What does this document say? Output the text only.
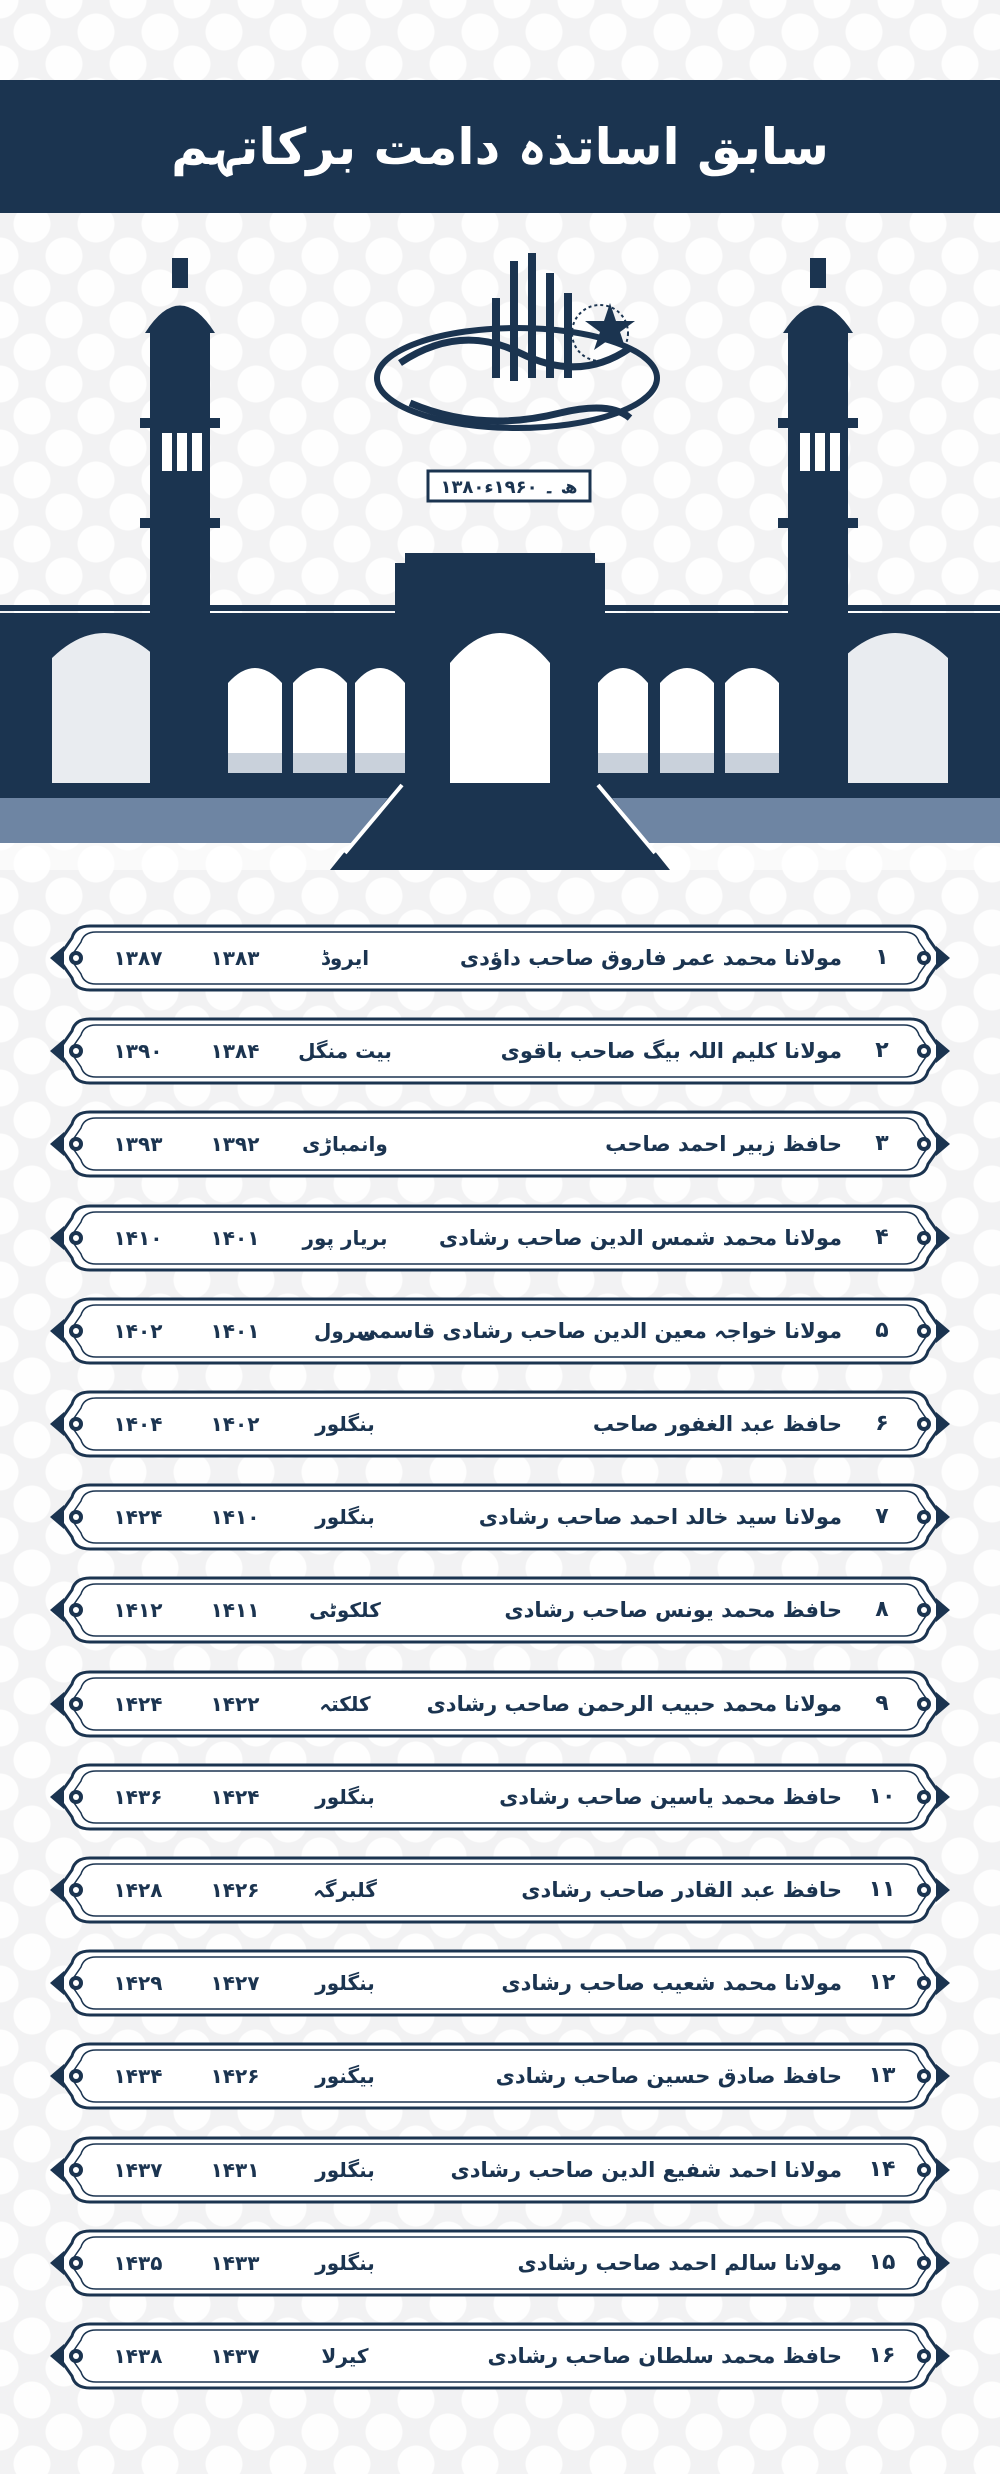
سابق اساتذہ دامت برکاتہم
۱۳۸۰ھ ۔ ۱۹۶۰ء
۱
مولانا محمد عمر فاروق صاحب داؤدی
ایروڈ
۱۳۸۳
۱۳۸۷
۲
مولانا کلیم اللہ بیگ صاحب باقوی
بیت منگل
۱۳۸۴
۱۳۹۰
۳
حافظ زبیر احمد صاحب
وانمباڑی
۱۳۹۲
۱۳۹۳
۴
مولانا محمد شمس الدین صاحب رشادی
بریار پور
۱۴۰۱
۱۴۱۰
۵
مولانا خواجہ معین الدین صاحب رشادی قاسمی
سرول
۱۴۰۱
۱۴۰۲
۶
حافظ عبد الغفور صاحب
بنگلور
۱۴۰۲
۱۴۰۴
۷
مولانا سید خالد احمد صاحب رشادی
بنگلور
۱۴۱۰
۱۴۲۴
۸
حافظ محمد یونس صاحب رشادی
کلکوٹی
۱۴۱۱
۱۴۱۲
۹
مولانا محمد حبیب الرحمن صاحب رشادی
کلکتہ
۱۴۲۲
۱۴۲۴
۱۰
حافظ محمد یاسین صاحب رشادی
بنگلور
۱۴۲۴
۱۴۳۶
۱۱
حافظ عبد القادر صاحب رشادی
گلبرگہ
۱۴۲۶
۱۴۲۸
۱۲
مولانا محمد شعیب صاحب رشادی
بنگلور
۱۴۲۷
۱۴۲۹
۱۳
حافظ صادق حسین صاحب رشادی
بیگنور
۱۴۲۶
۱۴۳۴
۱۴
مولانا احمد شفیع الدین صاحب رشادی
بنگلور
۱۴۳۱
۱۴۳۷
۱۵
مولانا سالم احمد صاحب رشادی
بنگلور
۱۴۳۳
۱۴۳۵
۱۶
حافظ محمد سلطان صاحب رشادی
کیرلا
۱۴۳۷
۱۴۳۸
